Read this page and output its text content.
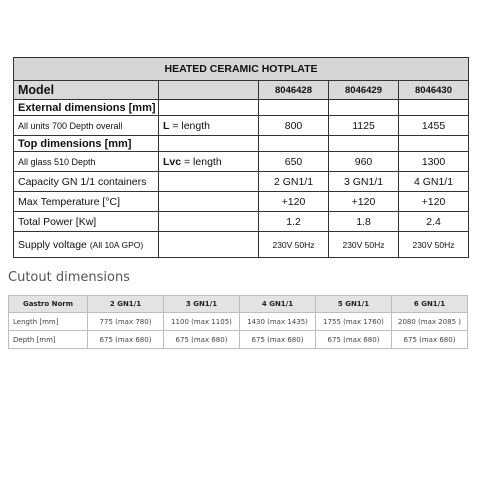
HEATED CERAMIC HOTPLATE				
Model		8046428	8046429	8046430
External dimensions [mm]				
All units 700 Depth overall	L = length	800	1125	1455
Top dimensions [mm]				
All glass 510 Depth	Lvc = length	650	960	1300
Capacity GN 1/1 containers		2 GN1/1	3 GN1/1	4 GN1/1
Max Temperature [°C]		+120	+120	+120
Total Power [Kw]		1.2	1.8	2.4
Supply voltage (All 10A GPO)		230V 50Hz	230V 50Hz	230V 50Hz
Cutout dimensions
Gastro Norm	2 GN1/1	3 GN1/1	4 GN1/1	5 GN1/1	6 GN1/1
Length [mm]	775 (max 780)	1100 (max 1105)	1430 (max 1435)	1755 (max 1760)	2080 (max 2085 )
Depth [mm]	675 (max 680)	675 (max 680)	675 (max 680)	675 (max 680)	675 (max 680)
